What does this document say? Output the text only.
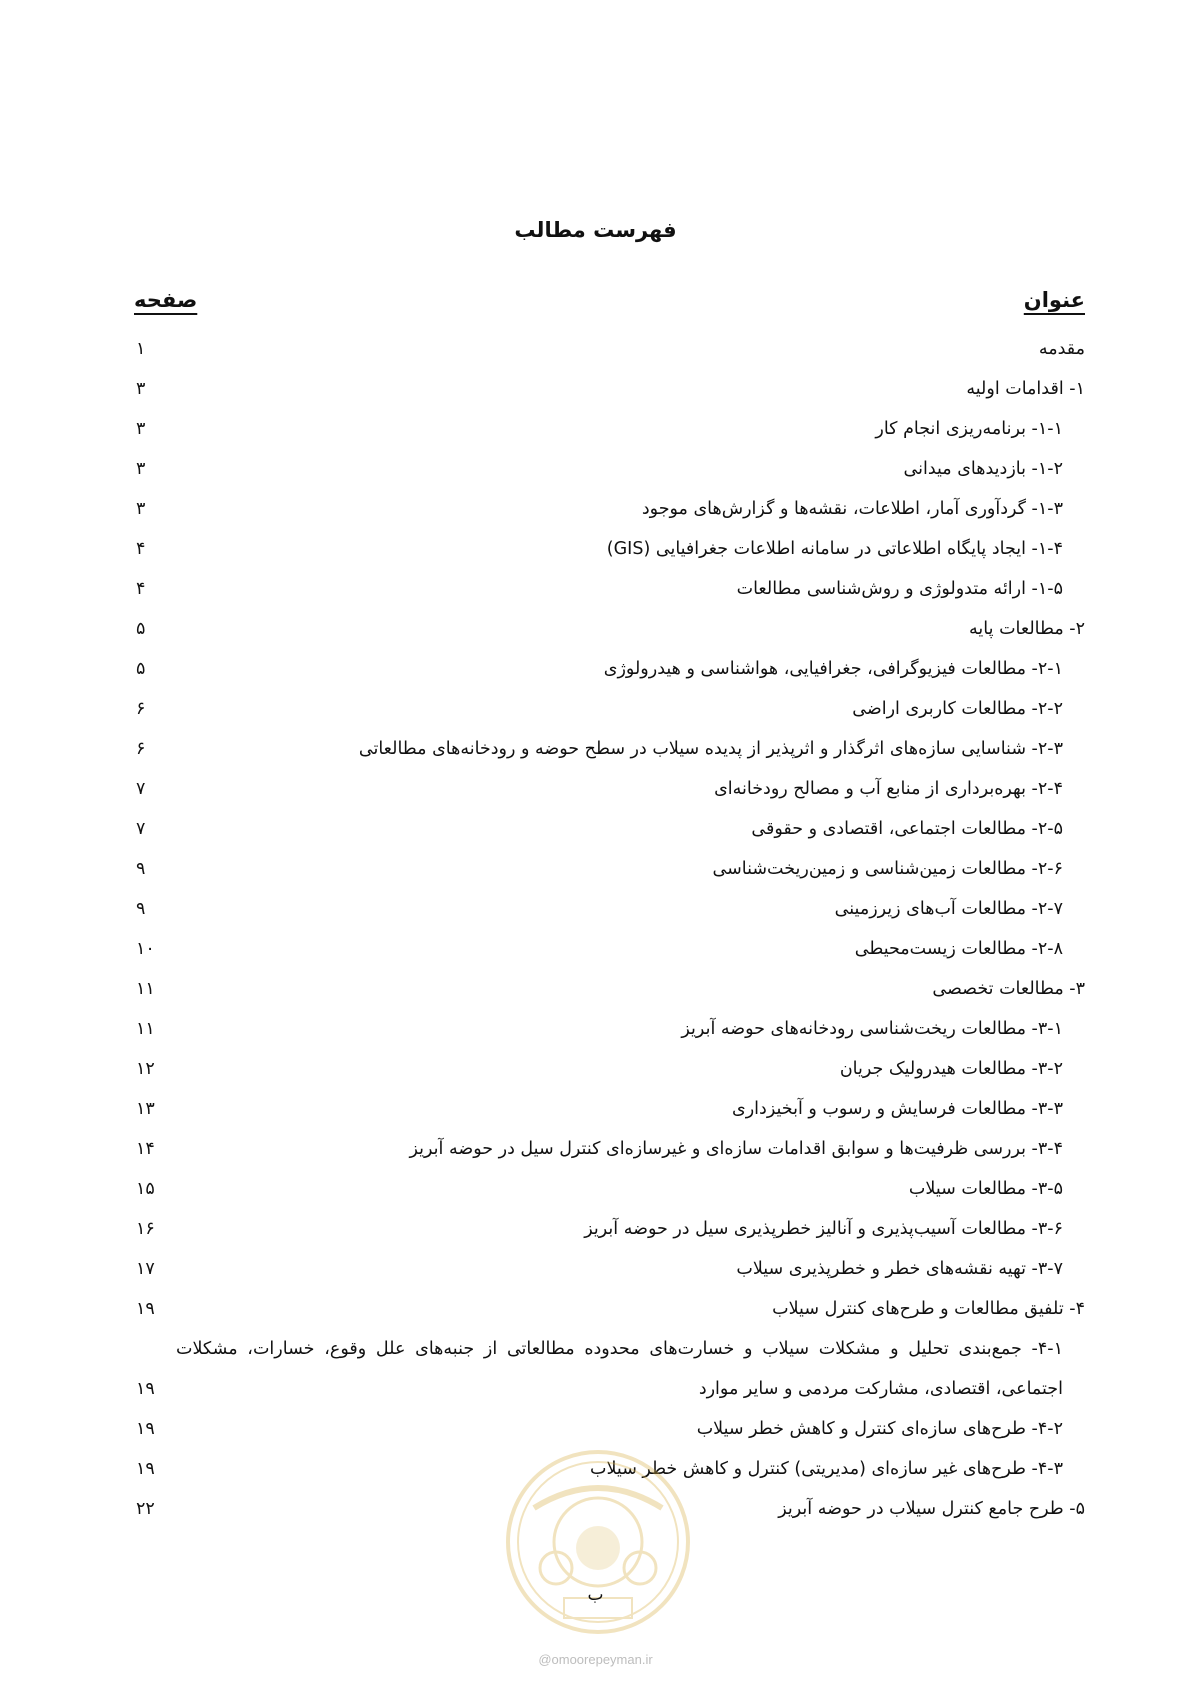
فهرست مطالب
عنوان
صفحه
مقدمه
۱
۱- اقدامات اولیه
۳
۱-۱- برنامه‌ریزی انجام کار
۳
۱-۲- بازدیدهای میدانی
۳
۱-۳- گردآوری آمار، اطلاعات، نقشه‌ها و گزارش‌های موجود
۳
۱-۴- ایجاد پایگاه اطلاعاتی در سامانه اطلاعات جغرافیایی (GIS)
۴
۱-۵- ارائه متدولوژی و روش‌شناسی مطالعات
۴
۲- مطالعات پایه
۵
۲-۱- مطالعات فیزیوگرافی، جغرافیایی، هواشناسی و هیدرولوژی
۵
۲-۲- مطالعات کاربری اراضی
۶
۲-۳- شناسایی سازه‌های اثرگذار و اثرپذیر از پدیده سیلاب در سطح حوضه و رودخانه‌های مطالعاتی
۶
۲-۴- بهره‌برداری از منابع آب و مصالح رودخانه‌ای
۷
۲-۵- مطالعات اجتماعی، اقتصادی و حقوقی
۷
۲-۶- مطالعات زمین‌شناسی و زمین‌ریخت‌شناسی
۹
۲-۷- مطالعات آب‌های زیرزمینی
۹
۲-۸- مطالعات زیست‌محیطی
۱۰
۳- مطالعات تخصصی
۱۱
۳-۱- مطالعات ریخت‌شناسی رودخانه‌های حوضه آبریز
۱۱
۳-۲- مطالعات هیدرولیک جریان
۱۲
۳-۳- مطالعات فرسایش و رسوب و آبخیزداری
۱۳
۳-۴- بررسی ظرفیت‌ها و سوابق اقدامات سازه‌ای و غیرسازه‌ای کنترل سیل در حوضه آبریز
۱۴
۳-۵- مطالعات سیلاب
۱۵
۳-۶- مطالعات آسیب‌پذیری و آنالیز خطرپذیری سیل در حوضه آبریز
۱۶
۳-۷- تهیه نقشه‌های خطر و خطرپذیری سیلاب
۱۷
۴- تلفیق مطالعات و طرح‌های کنترل سیلاب
۱۹
۴-۱- جمع‌بندی تحلیل و مشکلات سیلاب و خسارت‌های محدوده مطالعاتی از جنبه‌های علل وقوع، خسارات، مشکلات اجتماعی، اقتصادی، مشارکت مردمی و سایر موارد
۱۹
۴-۲- طرح‌های سازه‌ای کنترل و کاهش خطر سیلاب
۱۹
۴-۳- طرح‌های غیر سازه‌ای (مدیریتی) کنترل و کاهش خطر سیلاب
۱۹
۵- طرح جامع کنترل سیلاب در حوضه آبریز
۲۲
ب
@omoorepeyman.ir
